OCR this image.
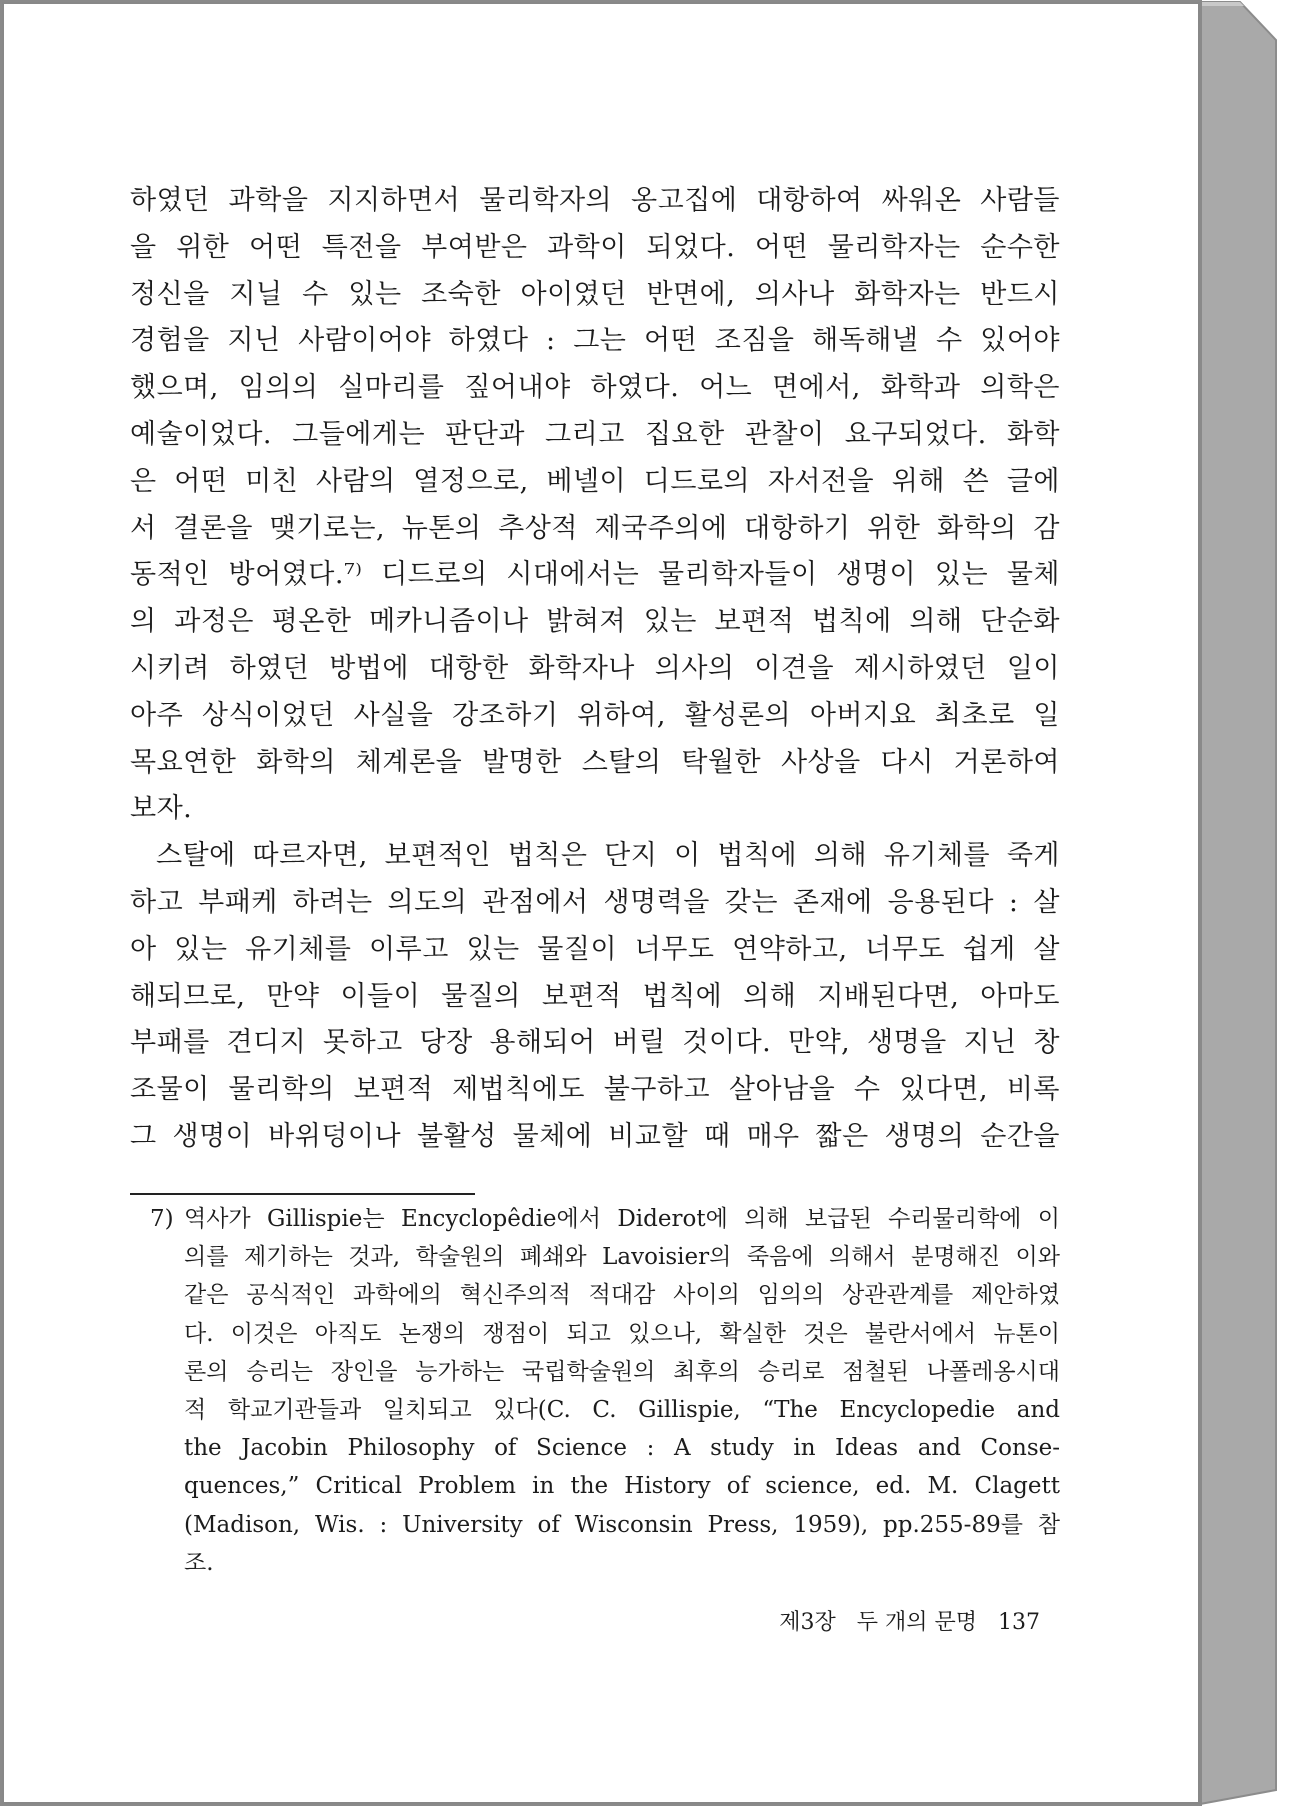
하였던 과학을 지지하면서 물리학자의 옹고집에 대항하여 싸워온 사람들
을 위한 어떤 특전을 부여받은 과학이 되었다. 어떤 물리학자는 순수한
정신을 지닐 수 있는 조숙한 아이였던 반면에, 의사나 화학자는 반드시
경험을 지닌 사람이어야 하였다 : 그는 어떤 조짐을 해독해낼 수 있어야
했으며, 임의의 실마리를 짚어내야 하였다. 어느 면에서, 화학과 의학은
예술이었다. 그들에게는 판단과 그리고 집요한 관찰이 요구되었다. 화학
은 어떤 미친 사람의 열정으로, 베넬이 디드로의 자서전을 위해 쓴 글에
서 결론을 맺기로는, 뉴톤의 추상적 제국주의에 대항하기 위한 화학의 감
동적인 방어였다.⁷⁾ 디드로의 시대에서는 물리학자들이 생명이 있는 물체
의 과정은 평온한 메카니즘이나 밝혀져 있는 보편적 법칙에 의해 단순화
시키려 하였던 방법에 대항한 화학자나 의사의 이견을 제시하였던 일이
아주 상식이었던 사실을 강조하기 위하여, 활성론의 아버지요 최초로 일
목요연한 화학의 체계론을 발명한 스탈의 탁월한 사상을 다시 거론하여
보자.
스탈에 따르자면, 보편적인 법칙은 단지 이 법칙에 의해 유기체를 죽게
하고 부패케 하려는 의도의 관점에서 생명력을 갖는 존재에 응용된다 : 살
아 있는 유기체를 이루고 있는 물질이 너무도 연약하고, 너무도 쉽게 살
해되므로, 만약 이들이 물질의 보편적 법칙에 의해 지배된다면, 아마도
부패를 견디지 못하고 당장 용해되어 버릴 것이다. 만약, 생명을 지닌 창
조물이 물리학의 보편적 제법칙에도 불구하고 살아남을 수 있다면, 비록
그 생명이 바위덩이나 불활성 물체에 비교할 때 매우 짧은 생명의 순간을
7) 역사가 Gillispie는 Encyclopêdie에서 Diderot에 의해 보급된 수리물리학에 이
의를 제기하는 것과, 학술원의 폐쇄와 Lavoisier의 죽음에 의해서 분명해진 이와
같은 공식적인 과학에의 혁신주의적 적대감 사이의 임의의 상관관계를 제안하였
다. 이것은 아직도 논쟁의 쟁점이 되고 있으나, 확실한 것은 불란서에서 뉴톤이
론의 승리는 장인을 능가하는 국립학술원의 최후의 승리로 점철된 나폴레옹시대
적 학교기관들과 일치되고 있다(C. C. Gillispie, “The Encyclopedie and
the Jacobin Philosophy of Science : A study in Ideas and Conse-
quences,” Critical Problem in the History of science, ed. M. Clagett
(Madison, Wis. : University of Wisconsin Press, 1959), pp.255-89를 참
조.
제3장 두 개의 문명 137
